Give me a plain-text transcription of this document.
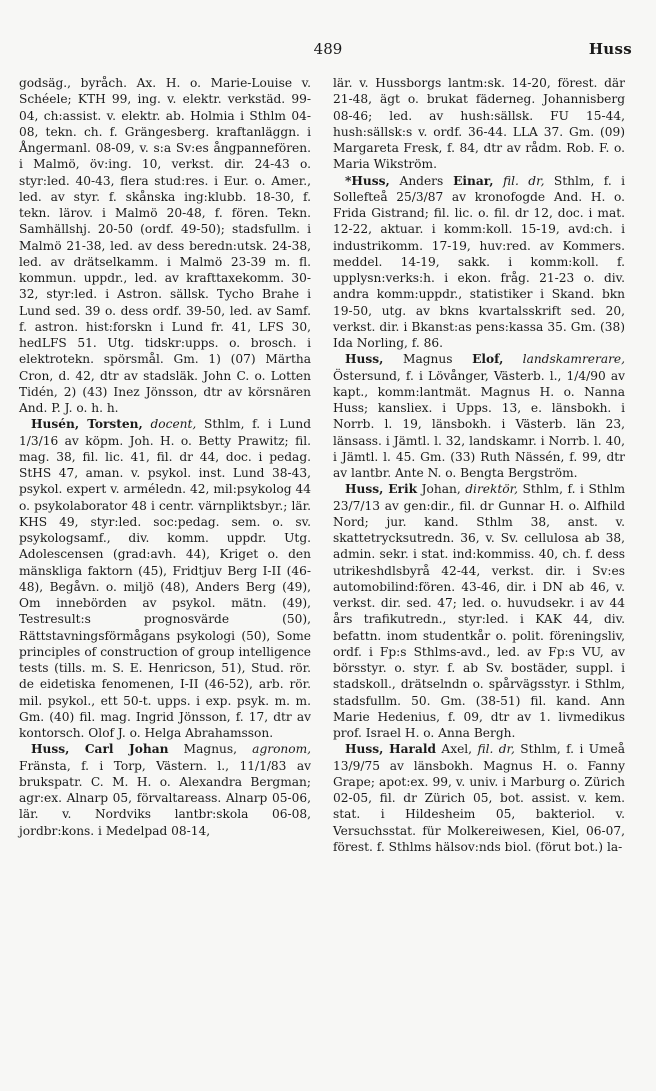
489	Huss

godsäg., byråch. Ax. H. o. Marie-Louise v. Schéele; KTH 99, ing. v. elektr. verkstäd. 99-04, ch:assist. v. elektr. ab. Holmia i Sthlm 04-08, tekn. ch. f. Grängesberg. kraftanläggn. i Ångermanl. 08-09, v. s:a Sv:es ångpannefören. i Malmö, öv:ing. 10, verkst. dir. 24-43 o. styr:led. 40-43, flera stud:res. i Eur. o. Amer., led. av styr. f. skånska ing:klubb. 18-30, f. tekn. lärov. i Malmö 20-48, f. fören. Tekn. Samhällshj. 20-50 (ordf. 49-50); stadsfullm. i Malmö 21-38, led. av dess beredn:utsk. 24-38, led. av drätselkamm. i Malmö 23-39 m. fl. kommun. uppdr., led. av krafttaxekomm. 30-32, styr:led. i Astron. sällsk. Tycho Brahe i Lund sed. 39 o. dess ordf. 39-50, led. av Samf. f. astron. hist:forskn i Lund fr. 41, LFS 30, hedLFS 51. Utg. tidskr:upps. o. brosch. i elektrotekn. spörsmål. Gm. 1) (07) Märtha Cron, d. 42, dtr av stadsläk. John C. o. Lotten Tidén, 2) (43) Inez Jönsson, dtr av körsnären And. P. J. o. h. h.

Husén, Torsten, docent, Sthlm, f. i Lund 1/3/16 av köpm. Joh. H. o. Betty Prawitz; fil. mag. 38, fil. lic. 41, fil. dr 44, doc. i pedag. StHS 47, aman. v. psykol. inst. Lund 38-43, psykol. expert v. arméledn. 42, mil:psykolog 44 o. psykolaborator 48 i centr. värnpliktsbyr.; lär. KHS 49, styr:led. soc:pedag. sem. o. sv. psykologsamf., div. komm. uppdr. Utg. Adolescensen (grad:avh. 44), Kriget o. den mänskliga faktorn (45), Fridtjuv Berg I-II (46-48), Begåvn. o. miljö (48), Anders Berg (49), Om innebörden av psykol. mätn. (49), Testresult:s prognosvärde (50), Rättstavningsförmågans psykologi (50), Some principles of construction of group intelligence tests (tills. m. S. E. Henricson, 51), Stud. rör. de eidetiska fenomenen, I-II (46-52), arb. rör. mil. psykol., ett 50-t. upps. i exp. psyk. m. m. Gm. (40) fil. mag. Ingrid Jönsson, f. 17, dtr av kontorsch. Olof J. o. Helga Abrahamsson.

Huss, Carl Johan Magnus, agronom, Fränsta, f. i Torp, Västern. l., 11/1/83 av brukspatr. C. M. H. o. Alexandra Bergman; agr:ex. Alnarp 05, förvaltareass. Alnarp 05-06, lär. v. Nordviks lantbr:skola 06-08, jordbr:kons. i Medelpad 08-14,

lär. v. Hussborgs lantm:sk. 14-20, förest. där 21-48, ägt o. brukat fäderneg. Johannisberg 08-46; led. av hush:sällsk. FU 15-44, hush:sällsk:s v. ordf. 36-44. LLA 37. Gm. (09) Margareta Fresk, f. 84, dtr av rådm. Rob. F. o. Maria Wikström.

*Huss, Anders Einar, fil. dr, Sthlm, f. i Sollefteå 25/3/87 av kronofogde And. H. o. Frida Gistrand; fil. lic. o. fil. dr 12, doc. i mat. 12-22, aktuar. i komm:koll. 15-19, avd:ch. i industrikomm. 17-19, huv:red. av Kommers. meddel. 14-19, sakk. i komm:koll. f. upplysn:verks:h. i ekon. fråg. 21-23 o. div. andra komm:uppdr., statistiker i Skand. bkn 19-50, utg. av bkns kvartalsskrift sed. 20, verkst. dir. i Bkanst:as pens:kassa 35. Gm. (38) Ida Norling, f. 86.

Huss, Magnus Elof, landskamrerare, Östersund, f. i Lövånger, Västerb. l., 1/4/90 av kapt., komm:lantmät. Magnus H. o. Nanna Huss; kansliex. i Upps. 13, e. länsbokh. i Norrb. l. 19, länsbokh. i Västerb. län 23, länsass. i Jämtl. l. 32, landskamr. i Norrb. l. 40, i Jämtl. l. 45. Gm. (33) Ruth Nässén, f. 99, dtr av lantbr. Ante N. o. Bengta Bergström.

Huss, Erik Johan, direktör, Sthlm, f. i Sthlm 23/7/13 av gen:dir., fil. dr Gunnar H. o. Alfhild Nord; jur. kand. Sthlm 38, anst. v. skattetrycksutredn. 36, v. Sv. cellulosa ab 38, admin. sekr. i stat. ind:kommiss. 40, ch. f. dess utrikeshdlsbyrå 42-44, verkst. dir. i Sv:es automobilind:fören. 43-46, dir. i DN ab 46, v. verkst. dir. sed. 47; led. o. huvudsekr. i av 44 års trafikutredn., styr:led. i KAK 44, div. befattn. inom studentkår o. polit. föreningsliv, ordf. i Fp:s Sthlms-avd., led. av Fp:s VU, av börsstyr. o. styr. f. ab Sv. bostäder, suppl. i stadskoll., drätselndn o. spårvägsstyr. i Sthlm, stadsfullm. 50. Gm. (38-51) fil. kand. Ann Marie Hedenius, f. 09, dtr av 1. livmedikus prof. Israel H. o. Anna Bergh.

Huss, Harald Axel, fil. dr, Sthlm, f. i Umeå 13/9/75 av länsbokh. Magnus H. o. Fanny Grape; apot:ex. 99, v. univ. i Marburg o. Zürich 02-05, fil. dr Zürich 05, bot. assist. v. kem. stat. i Hildesheim 05, bakteriol. v. Versuchsstat. für Molkereiwesen, Kiel, 06-07, förest. f. Sthlms hälsov:nds biol. (förut bot.) la-
